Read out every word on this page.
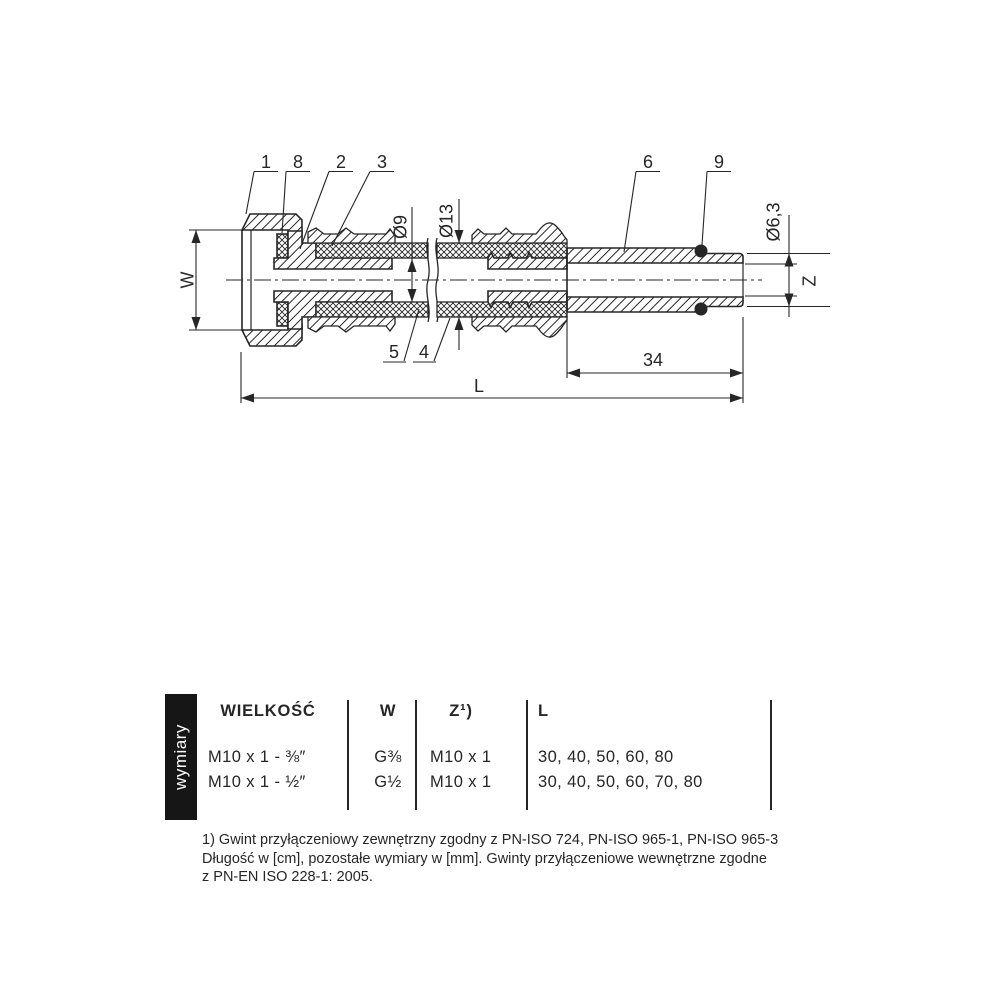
1 8 2 3	6	9
5 4
W
Ø9 Ø13	Ø6,3
Z
34
L
wymiary
WIELKOŚĆ	W	Z¹)	L
M10 x 1 - ⅜″	G⅜ M10 x 1	30, 40, 50, 60, 80
M10 x 1 - ½″	G½ M10 x 1	30, 40, 50, 60, 70, 80
1) Gwint przyłączeniowy zewnętrzny zgodny z PN-ISO 724, PN-ISO 965-1, PN-ISO 965-3
Długość w [cm], pozostałe wymiary w [mm]. Gwinty przyłączeniowe wewnętrzne zgodne
z PN-EN ISO 228-1: 2005.
